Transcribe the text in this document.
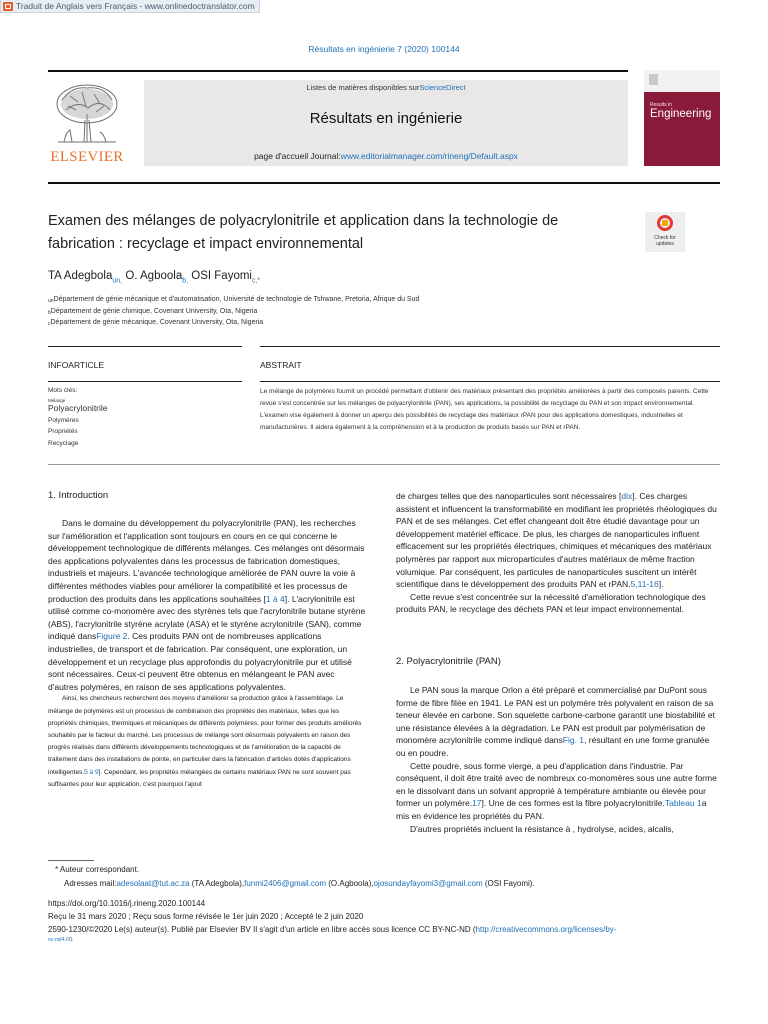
Traduit de Anglais vers Français - www.onlinedoctranslator.com
Résultats en ingénierie 7 (2020) 100144
ELSEVIER
Listes de matières disponibles surScienceDirect
Résultats en ingénierie
page d'accueil Journal:www.editorialmanager.com/rineng/Default.aspx
Results in
Engineering
Examen des mélanges de polyacrylonitrile et application dans la technologie de fabrication : recyclage et impact environnemental	Check for
updates
TA Adegbola$_{un,}$ O. Agboola$_{b,}$ OSI Fayomi$_{c,*}$
unDépartement de génie mécanique et d'automatisation, Université de technologie de Tshwane, Pretoria, Afrique du Sud
bDépartement de génie chimique, Covenant University, Ota, Nigeria
cDépartement de génie mécanique, Covenant University, Ota, Nigeria
INFOARTICLE	ABSTRAIT
Mots clés:
Mélange
Polyacrylonitrile
Polymères
Propriétés
Recyclage
Le mélange de polymères fournit un procédé permettant d'obtenir des matériaux présentant des propriétés améliorées à partir des composés parents. Cette revue s'est concentrée sur les mélanges de polyacrylonitrile (PAN), ses applications, la possibilité de recyclage du PAN et son impact environnemental. L'examen vise également à donner un aperçu des possibilités de recyclage des matériaux rPAN pour des applications domestiques, industrielles et manufacturières. Il aidera également à la compréhension et à la production de produits basés sur PAN et rPAN.
1. Introduction

Dans le domaine du développement du polyacrylonitrile (PAN), les recherches sur l'amélioration et l'application sont toujours en cours en ce qui concerne le développement technologique de différents mélanges. Ces mélanges ont désormais des applications polyvalentes dans les processus de fabrication domestiques, industriels et majeurs. L'avancée technologique améliorée de PAN ouvre la voie à différentes méthodes viables pour améliorer la compatibilité et les processus de production des produits dans les applications souhaitées [1 à 4]. L'acrylonitrile est utilisé comme co-monomère avec des styrènes tels que l'acrylonitrile butane styrène (ABS), l'acrylonitrile styrène acrylate (ASA) et le styrène acrylonitrile (SAN), comme indiqué dansFigure 2. Ces produits PAN ont de nombreuses applications industrielles, de transport et de fabrication. Par conséquent, une exploration, un développement et un recyclage plus approfondis du polyacrylonitrile pur et utilisé sont nécessaires. Ceux-ci peuvent être obtenus en mélangeant le PAN avec d'autres polymères, en raison de ses applications polyvalentes.

Ainsi, les chercheurs recherchent des moyens d'améliorer sa production grâce à l'assemblage. Le mélange de polymères est un processus de combinaison des propriétés des matériaux, telles que les propriétés chimiques, thermiques et mécaniques de différents polymères, pour former des produits améliorés souhaités par le facteur du marché. Les processus de mélange sont désormais polyvalents en raison des progrès réalisés dans différents développements technologiques et de l'amélioration de la capacité de traitement dans des installations de pointe, en particulier dans la fabrication d'articles dotés d'applications intelligentes.5 à 9]. Cependant, les propriétés mélangées de certains matériaux PAN ne sont souvent pas suffisantes pour leur application, c'est pourquoi l'ajout

de charges telles que des nanoparticules sont nécessaires [dix]. Ces charges assistent et influencent la transformabilité en modifiant les propriétés rhéologiques du PAN et de ses mélanges. Cet effet changeant doit être étudié davantage pour un développement matériel efficace. De plus, les charges de nanoparticules influent efficacement sur les propriétés électriques, chimiques et mécaniques des matériaux polymères par rapport aux microparticules d'autres matériaux de même fraction volumique. Par conséquent, les particules de nanoparticules suscitent un intérêt scientifique dans le développement des produits PAN et rPAN.5,11-16].

Cette revue s'est concentrée sur la nécessité d'amélioration technologique des produits PAN, le recyclage des déchets PAN et leur impact environnemental.

2. Polyacrylonitrile (PAN)

Le PAN sous la marque Orlon a été préparé et commercialisé par DuPont sous forme de fibre filée en 1941. Le PAN est un polymère très polyvalent en raison de sa teneur élevée en carbone. Son squelette carbone-carbone garantit une biostabilité et une résistance élevées à la dégradation. Le PAN est produit par polymérisation de monomère acrylonitrile comme indiqué dansFig. 1, résultant en une forme granulée ou en poudre.

Cette poudre, sous forme vierge, a peu d'application dans l'industrie. Par conséquent, il doit être traité avec de nombreux co-monomères sous une autre forme en le dissolvant dans un solvant approprié à température ambiante ou élevée pour former un polymère.17]. Une de ces formes est la fibre polyacrylonitrile.Tableau 1a mis en évidence les propriétés du PAN.

D'autres propriétés incluent la résistance à , hydrolyse, acides, alcalis,

* Auteur correspondant.
Adresses mail:adesolaat@tut.ac.za (TA Adegbola),funmi2406@gmail.com (O.Agboola),ojosundayfayomi3@gmail.com (OSI Fayomi).
https://doi.org/10.1016/j.rineng.2020.100144
Reçu le 31 mars 2020 ; Reçu sous forme révisée le 1er juin 2020 ; Accepté le 2 juin 2020
2590-1230/©2020 Le(s) auteur(s). Publié par Elsevier BV Il s'agit d'un article en libre accès sous licence CC BY-NC-ND (http://creativecommons.org/licenses/by-
nc-nd/4.0/).
